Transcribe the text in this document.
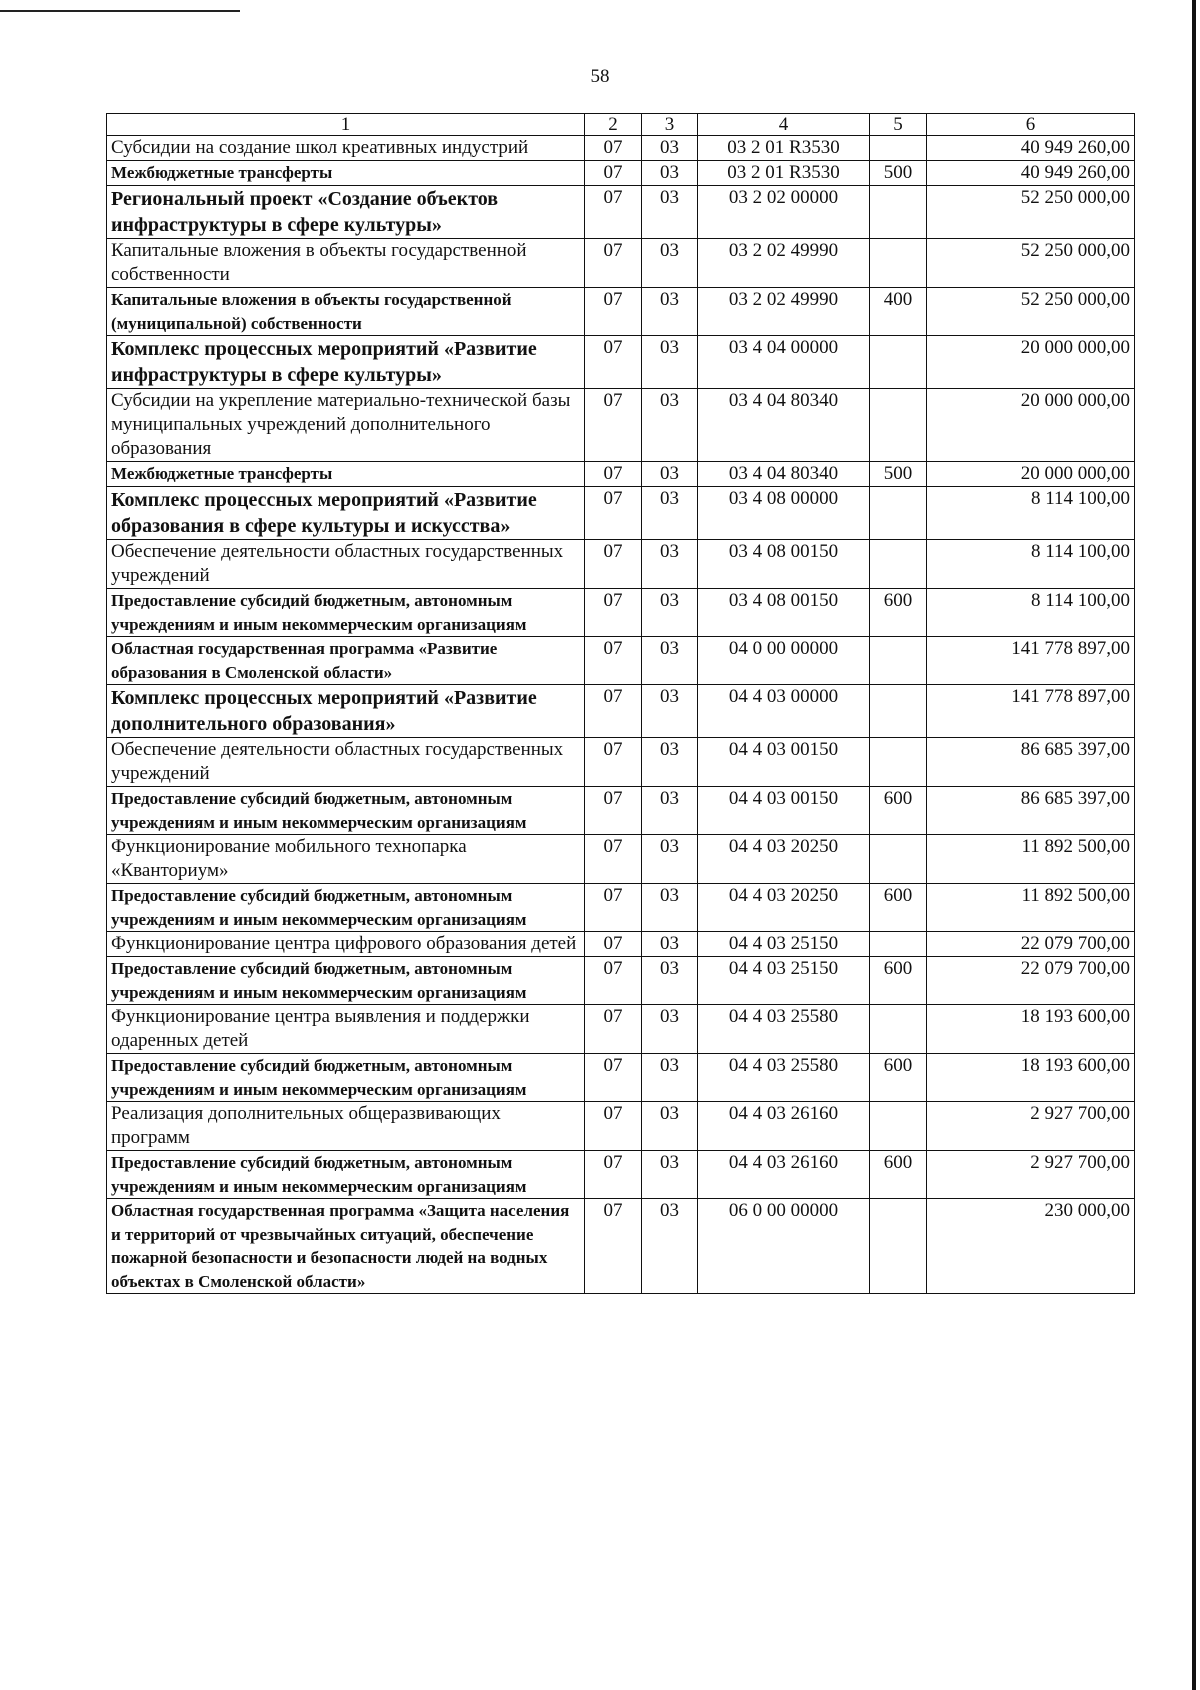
58
1	2	3	4	5	6
Субсидии на создание школ креативных индустрий	07	03	03 2 01 R3530		40 949 260,00
Межбюджетные трансферты	07	03	03 2 01 R3530	500	40 949 260,00
Региональный проект «Создание объектов инфраструктуры в сфере культуры»	07	03	03 2 02 00000		52 250 000,00
Капитальные вложения в объекты государственной собственности	07	03	03 2 02 49990		52 250 000,00
Капитальные вложения в объекты государственной (муниципальной) собственности	07	03	03 2 02 49990	400	52 250 000,00
Комплекс процессных мероприятий «Развитие инфраструктуры в сфере культуры»	07	03	03 4 04 00000		20 000 000,00
Субсидии на укрепление материально-технической базы муниципальных учреждений дополнительного образования	07	03	03 4 04 80340		20 000 000,00
Межбюджетные трансферты	07	03	03 4 04 80340	500	20 000 000,00
Комплекс процессных мероприятий «Развитие образования в сфере культуры и искусства»	07	03	03 4 08 00000		8 114 100,00
Обеспечение деятельности областных государственных учреждений	07	03	03 4 08 00150		8 114 100,00
Предоставление субсидий бюджетным, автономным учреждениям и иным некоммерческим организациям	07	03	03 4 08 00150	600	8 114 100,00
Областная государственная программа «Развитие образования в Смоленской области»	07	03	04 0 00 00000		141 778 897,00
Комплекс процессных мероприятий «Развитие дополнительного образования»	07	03	04 4 03 00000		141 778 897,00
Обеспечение деятельности областных государственных учреждений	07	03	04 4 03 00150		86 685 397,00
Предоставление субсидий бюджетным, автономным учреждениям и иным некоммерческим организациям	07	03	04 4 03 00150	600	86 685 397,00
Функционирование мобильного технопарка «Кванториум»	07	03	04 4 03 20250		11 892 500,00
Предоставление субсидий бюджетным, автономным учреждениям и иным некоммерческим организациям	07	03	04 4 03 20250	600	11 892 500,00
Функционирование центра цифрового образования детей	07	03	04 4 03 25150		22 079 700,00
Предоставление субсидий бюджетным, автономным учреждениям и иным некоммерческим организациям	07	03	04 4 03 25150	600	22 079 700,00
Функционирование центра выявления и поддержки одаренных детей	07	03	04 4 03 25580		18 193 600,00
Предоставление субсидий бюджетным, автономным учреждениям и иным некоммерческим организациям	07	03	04 4 03 25580	600	18 193 600,00
Реализация дополнительных общеразвивающих программ	07	03	04 4 03 26160		2 927 700,00
Предоставление субсидий бюджетным, автономным учреждениям и иным некоммерческим организациям	07	03	04 4 03 26160	600	2 927 700,00
Областная государственная программа «Защита населения и территорий от чрезвычайных ситуаций, обеспечение пожарной безопасности и безопасности людей на водных объектах в Смоленской области»	07	03	06 0 00 00000		230 000,00
